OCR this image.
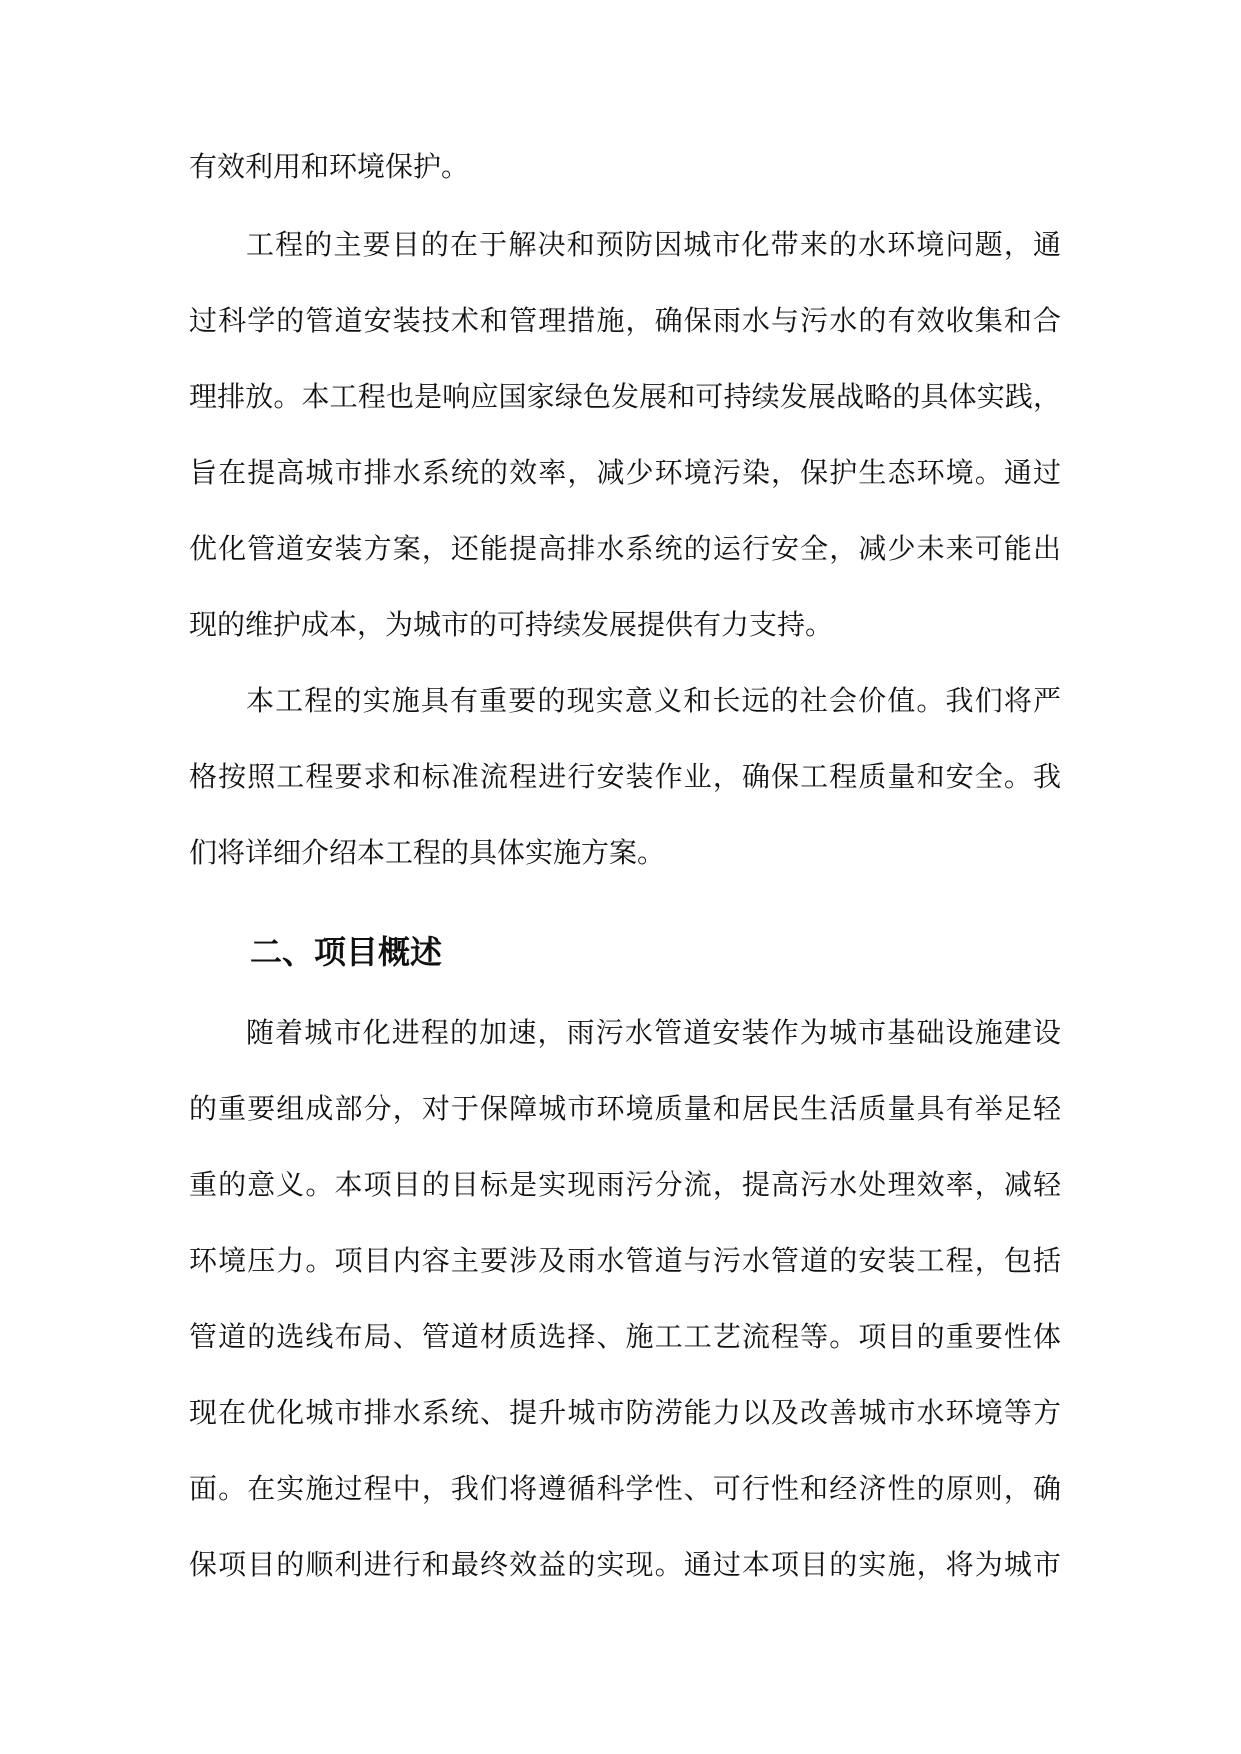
有效利用和环境保护。
工程的主要目的在于解决和预防因城市化带来的水环境问题，通
过科学的管道安装技术和管理措施，确保雨水与污水的有效收集和合
理排放。本工程也是响应国家绿色发展和可持续发展战略的具体实践，
旨在提高城市排水系统的效率，减少环境污染，保护生态环境。通过
优化管道安装方案，还能提高排水系统的运行安全，减少未来可能出
现的维护成本，为城市的可持续发展提供有力支持。
本工程的实施具有重要的现实意义和长远的社会价值。我们将严
格按照工程要求和标准流程进行安装作业，确保工程质量和安全。我
们将详细介绍本工程的具体实施方案。
二、项目概述
随着城市化进程的加速，雨污水管道安装作为城市基础设施建设
的重要组成部分，对于保障城市环境质量和居民生活质量具有举足轻
重的意义。本项目的目标是实现雨污分流，提高污水处理效率，减轻
环境压力。项目内容主要涉及雨水管道与污水管道的安装工程，包括
管道的选线布局、管道材质选择、施工工艺流程等。项目的重要性体
现在优化城市排水系统、提升城市防涝能力以及改善城市水环境等方
面。在实施过程中，我们将遵循科学性、可行性和经济性的原则，确
保项目的顺利进行和最终效益的实现。通过本项目的实施，将为城市
